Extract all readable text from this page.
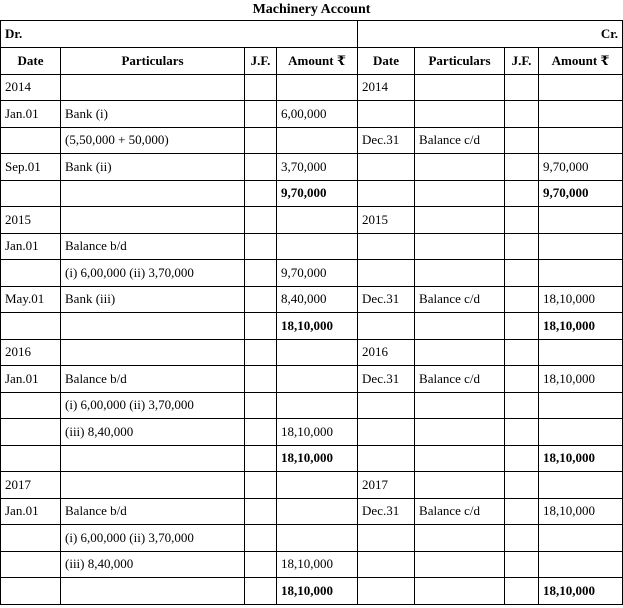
Machinery Account
Dr.				Cr.			
Date	Particulars	J.F.	Amount ₹	Date	Particulars	J.F.	Amount ₹
2014				2014			
Jan.01	Bank (i)		6,00,000				
	(5,50,000 + 50,000)			Dec.31	Balance c/d		
Sep.01	Bank (ii)		3,70,000				9,70,000
			9,70,000				9,70,000
2015				2015			
Jan.01	Balance b/d						
	(i) 6,00,000 (ii) 3,70,000		9,70,000				
May.01	Bank (iii)		8,40,000	Dec.31	Balance c/d		18,10,000
			18,10,000				18,10,000
2016				2016			
Jan.01	Balance b/d			Dec.31	Balance c/d		18,10,000
	(i) 6,00,000 (ii) 3,70,000						
	(iii) 8,40,000		18,10,000				
			18,10,000				18,10,000
2017				2017			
Jan.01	Balance b/d			Dec.31	Balance c/d		18,10,000
	(i) 6,00,000 (ii) 3,70,000						
	(iii) 8,40,000		18,10,000				
			18,10,000				18,10,000
